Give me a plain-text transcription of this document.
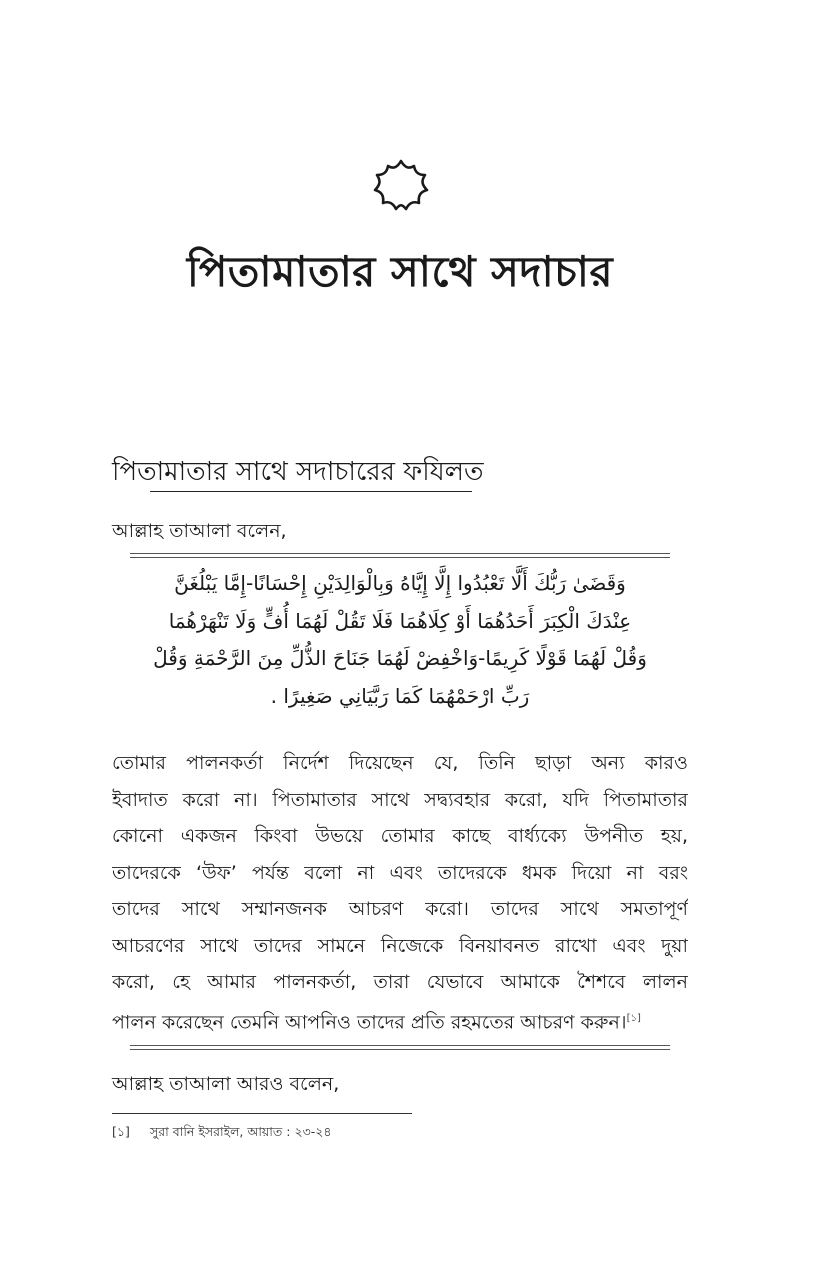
পিতামাতার সাথে সদাচার
পিতামাতার সাথে সদাচারের ফযিলত
আল্লাহ তাআলা বলেন,
وَقَضَىٰ رَبُّكَ أَلَّا تَعْبُدُوا إِلَّا إِيَّاهُ وَبِالْوَالِدَيْنِ إِحْسَانًا-إِمَّا يَبْلُغَنَّ
عِنْدَكَ الْكِبَرَ أَحَدُهُمَا أَوْ كِلَاهُمَا فَلَا تَقُلْ لَهُمَا أُفٍّ وَلَا تَنْهَرْهُمَا
وَقُلْ لَهُمَا قَوْلًا كَرِيمًا-وَاخْفِضْ لَهُمَا جَنَاحَ الذُّلِّ مِنَ الرَّحْمَةِ وَقُلْ
رَبِّ ارْحَمْهُمَا كَمَا رَبَّيَانِي صَغِيرًا .
তোমার পালনকর্তা নির্দেশ দিয়েছেন যে, তিনি ছাড়া অন্য কারও
ইবাদাত করো না। পিতামাতার সাথে সদ্ব্যবহার করো, যদি পিতামাতার
কোনো একজন কিংবা উভয়ে তোমার কাছে বার্ধ্যক্যে উপনীত হয়,
তাদেরকে ‘উফ’ পর্যন্ত বলো না এবং তাদেরকে ধমক দিয়ো না বরং
তাদের সাথে সম্মানজনক আচরণ করো। তাদের সাথে সমতাপূর্ণ
আচরণের সাথে তাদের সামনে নিজেকে বিনয়াবনত রাখো এবং দুয়া
করো, হে আমার পালনকর্তা, তারা যেভাবে আমাকে শৈশবে লালন
পালন করেছেন তেমনি আপনিও তাদের প্রতি রহমতের আচরণ করুন।[১]
আল্লাহ তাআলা আরও বলেন,
[১] সুরা বানি ইসরাইল, আয়াত : ২৩-২৪
